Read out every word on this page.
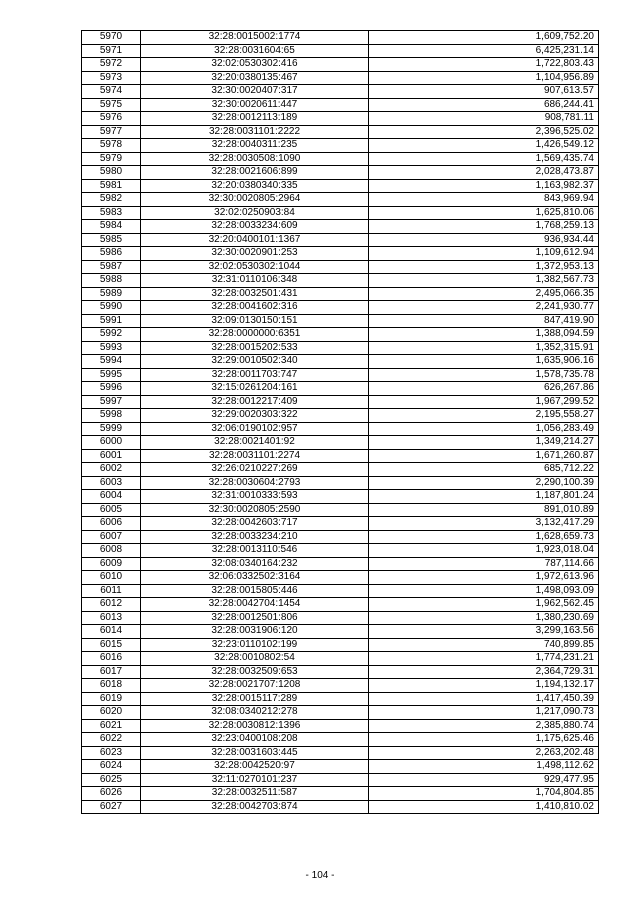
5970	32:28:0015002:1774	1,609,752.20
5971	32:28:0031604:65	6,425,231.14
5972	32:02:0530302:416	1,722,803.43
5973	32:20:0380135:467	1,104,956.89
5974	32:30:0020407:317	907,613.57
5975	32:30:0020611:447	686,244.41
5976	32:28:0012113:189	908,781.11
5977	32:28:0031101:2222	2,396,525.02
5978	32:28:0040311:235	1,426,549.12
5979	32:28:0030508:1090	1,569,435.74
5980	32:28:0021606:899	2,028,473.87
5981	32:20:0380340:335	1,163,982.37
5982	32:30:0020805:2964	843,969.94
5983	32:02:0250903:84	1,625,810.06
5984	32:28:0033234:609	1,768,259.13
5985	32:20:0400101:1367	936,934.44
5986	32:30:0020901:253	1,109,612.94
5987	32:02:0530302:1044	1,372,953.13
5988	32:31:0110106:348	1,382,567.73
5989	32:28:0032501:431	2,495,066.35
5990	32:28:0041602:316	2,241,930.77
5991	32:09:0130150:151	847,419.90
5992	32:28:0000000:6351	1,388,094.59
5993	32:28:0015202:533	1,352,315.91
5994	32:29:0010502:340	1,635,906.16
5995	32:28:0011703:747	1,578,735.78
5996	32:15:0261204:161	626,267.86
5997	32:28:0012217:409	1,967,299.52
5998	32:29:0020303:322	2,195,558.27
5999	32:06:0190102:957	1,056,283.49
6000	32:28:0021401:92	1,349,214.27
6001	32:28:0031101:2274	1,671,260.87
6002	32:26:0210227:269	685,712.22
6003	32:28:0030604:2793	2,290,100.39
6004	32:31:0010333:593	1,187,801.24
6005	32:30:0020805:2590	891,010.89
6006	32:28:0042603:717	3,132,417.29
6007	32:28:0033234:210	1,628,659.73
6008	32:28:0013110:546	1,923,018.04
6009	32:08:0340164:232	787,114.66
6010	32:06:0332502:3164	1,972,613.96
6011	32:28:0015805:446	1,498,093.09
6012	32:28:0042704:1454	1,962,562.45
6013	32:28:0012501:806	1,380,230.69
6014	32:28:0031906:120	3,299,163.56
6015	32:23:0110102:199	740,899.85
6016	32:28:0010802:54	1,774,231.21
6017	32:28:0032509:653	2,364,729.31
6018	32:28:0021707:1208	1,194,132.17
6019	32:28:0015117:289	1,417,450.39
6020	32:08:0340212:278	1,217,090.73
6021	32:28:0030812:1396	2,385,880.74
6022	32:23:0400108:208	1,175,625.46
6023	32:28:0031603:445	2,263,202.48
6024	32:28:0042520:97	1,498,112.62
6025	32:11:0270101:237	929,477.95
6026	32:28:0032511:587	1,704,804.85
6027	32:28:0042703:874	1,410,810.02
- 104 -
